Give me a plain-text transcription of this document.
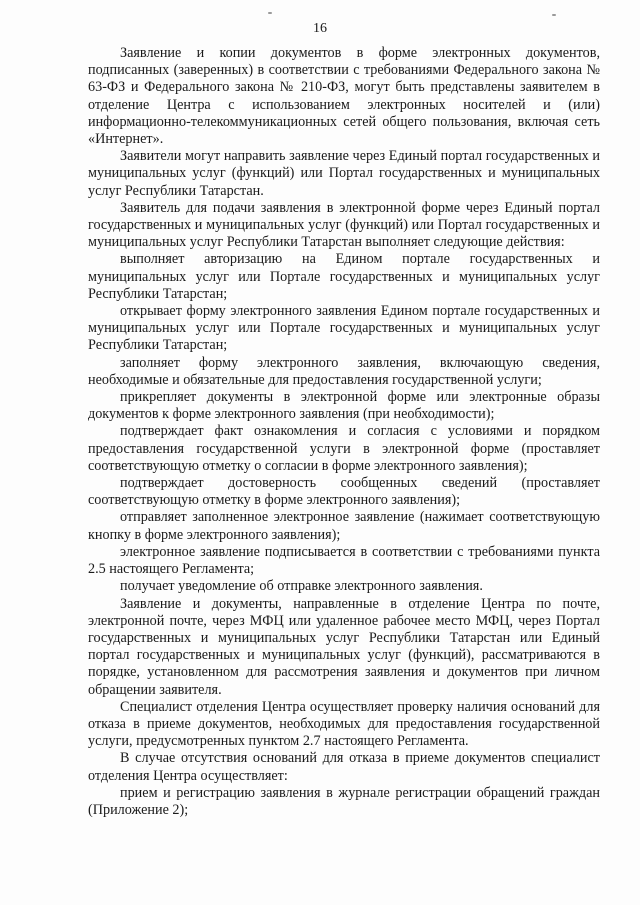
16

Заявление и копии документов в форме электронных документов, подписанных (заверенных) в соответствии с требованиями Федерального закона № 63-ФЗ и Федерального закона № 210-ФЗ, могут быть представлены заявителем в отделение Центра с использованием электронных носителей и (или) информационно-телекоммуникационных сетей общего пользования, включая сеть «Интернет».

Заявители могут направить заявление через Единый портал государственных и муниципальных услуг (функций) или Портал государственных и муниципальных услуг Республики Татарстан.

Заявитель для подачи заявления в электронной форме через Единый портал государственных и муниципальных услуг (функций) или Портал государственных и муниципальных услуг Республики Татарстан выполняет следующие действия:

выполняет авторизацию на Едином портале государственных и муниципальных услуг или Портале государственных и муниципальных услуг Республики Татарстан;

открывает форму электронного заявления Едином портале государственных и муниципальных услуг или Портале государственных и муниципальных услуг Республики Татарстан;

заполняет форму электронного заявления, включающую сведения, необходимые и обязательные для предоставления государственной услуги;

прикрепляет документы в электронной форме или электронные образы документов к форме электронного заявления (при необходимости);

подтверждает факт ознакомления и согласия с условиями и порядком предоставления государственной услуги в электронной форме (проставляет соответствующую отметку о согласии в форме электронного заявления);

подтверждает достоверность сообщенных сведений (проставляет соответствующую отметку в форме электронного заявления);

отправляет заполненное электронное заявление (нажимает соответствующую кнопку в форме электронного заявления);

электронное заявление подписывается в соответствии с требованиями пункта 2.5 настоящего Регламента;

получает уведомление об отправке электронного заявления.

Заявление и документы, направленные в отделение Центра по почте, электронной почте, через МФЦ или удаленное рабочее место МФЦ, через Портал государственных и муниципальных услуг Республики Татарстан или Единый портал государственных и муниципальных услуг (функций), рассматриваются в порядке, установленном для рассмотрения заявления и документов при личном обращении заявителя.

Специалист отделения Центра осуществляет проверку наличия оснований для отказа в приеме документов, необходимых для предоставления государственной услуги, предусмотренных пунктом 2.7 настоящего Регламента.

В случае отсутствия оснований для отказа в приеме документов специалист отделения Центра осуществляет:

прием и регистрацию заявления в журнале регистрации обращений граждан (Приложение 2);
